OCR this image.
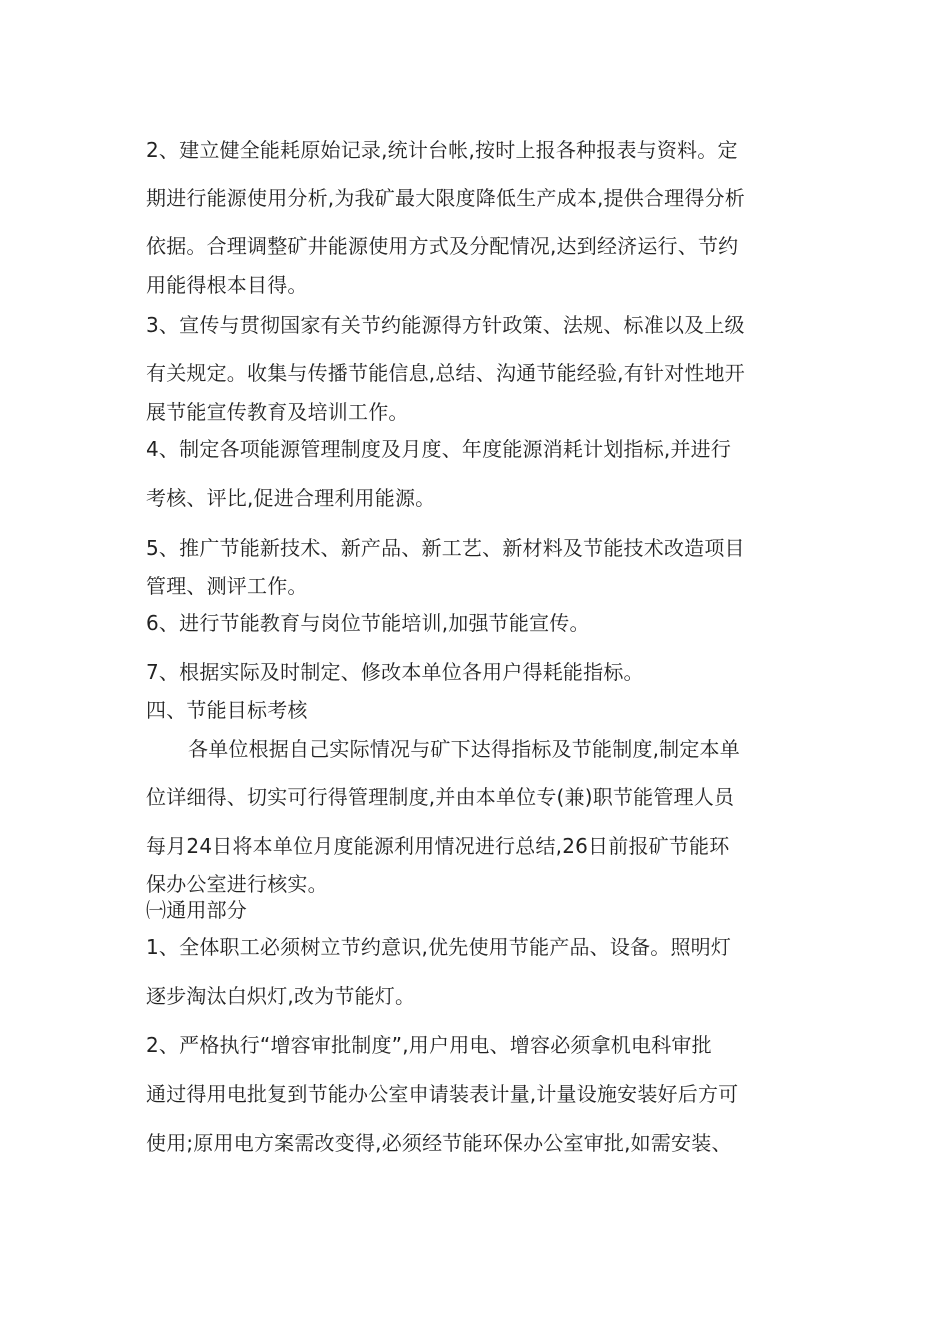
2、建立健全能耗原始记录,统计台帐,按时上报各种报表与资料。定
期进行能源使用分析,为我矿最大限度降低生产成本,提供合理得分析
依据。合理调整矿井能源使用方式及分配情况,达到经济运行、节约
用能得根本目得。
3、宣传与贯彻国家有关节约能源得方针政策、法规、标准以及上级
有关规定。收集与传播节能信息,总结、沟通节能经验,有针对性地开
展节能宣传教育及培训工作。
4、制定各项能源管理制度及月度、年度能源消耗计划指标,并进行
考核、评比,促进合理利用能源。
5、推广节能新技术、新产品、新工艺、新材料及节能技术改造项目
管理、测评工作。
6、进行节能教育与岗位节能培训,加强节能宣传。
7、根据实际及时制定、修改本单位各用户得耗能指标。
四、节能目标考核
各单位根据自己实际情况与矿下达得指标及节能制度,制定本单
位详细得、切实可行得管理制度,并由本单位专(兼)职节能管理人员
每月24日将本单位月度能源利用情况进行总结,26日前报矿节能环
保办公室进行核实。
㈠通用部分
1、全体职工必须树立节约意识,优先使用节能产品、设备。照明灯
逐步淘汰白炽灯,改为节能灯。
2、严格执行“增容审批制度”,用户用电、增容必须拿机电科审批
通过得用电批复到节能办公室申请装表计量,计量设施安装好后方可
使用;原用电方案需改变得,必须经节能环保办公室审批,如需安装、
